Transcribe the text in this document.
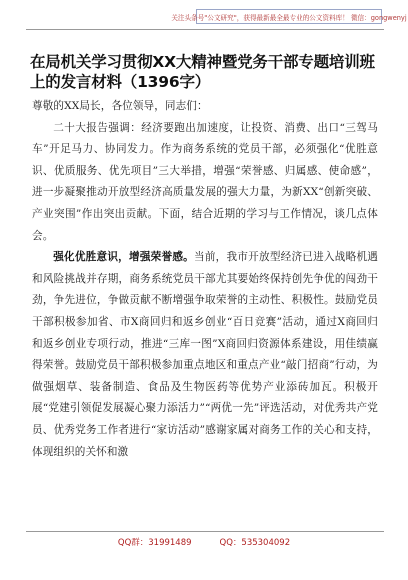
关注头条号"公文研究"，获得最新最全最专业的公文资料库！ 微信：gongwenyj
在局机关学习贯彻XX大精神暨党务干部专题培训班上的发言材料（1396字）

尊敬的XX局长，各位领导，同志们：

二十大报告强调：经济要跑出加速度，让投资、消费、出口“三驾马车”开足马力、协同发力。作为商务系统的党员干部，必须强化“优胜意识、优质服务、优先项目”三大举措，增强“荣誉感、归属感、使命感”，进一步凝聚推动开放型经济高质量发展的强大力量，为新XX“创新突破、产业突围”作出突出贡献。下面，结合近期的学习与工作情况，谈几点体会。

强化优胜意识，增强荣誉感。当前，我市开放型经济已进入战略机遇和风险挑战并存期，商务系统党员干部尤其要始终保持创先争优的闯劲干劲，争先进位，争做贡献不断增强争取荣誉的主动性、积极性。鼓励党员干部积极参加省、市X商回归和返乡创业“百日竞赛”活动，通过X商回归和返乡创业专项行动，推进“三库一图”X商回归资源体系建设，用佳绩赢得荣誉。鼓励党员干部积极参加重点地区和重点产业“敲门招商”行动，为做强烟草、装备制造、食品及生物医药等优势产业添砖加瓦。积极开展“党建引领促发展凝心聚力添活力”“两优一先”评选活动，对优秀共产党员、优秀党务工作者进行“家访活动”感谢家属对商务工作的关心和支持，体现组织的关怀和激

QQ群：31991489	QQ：535304092
